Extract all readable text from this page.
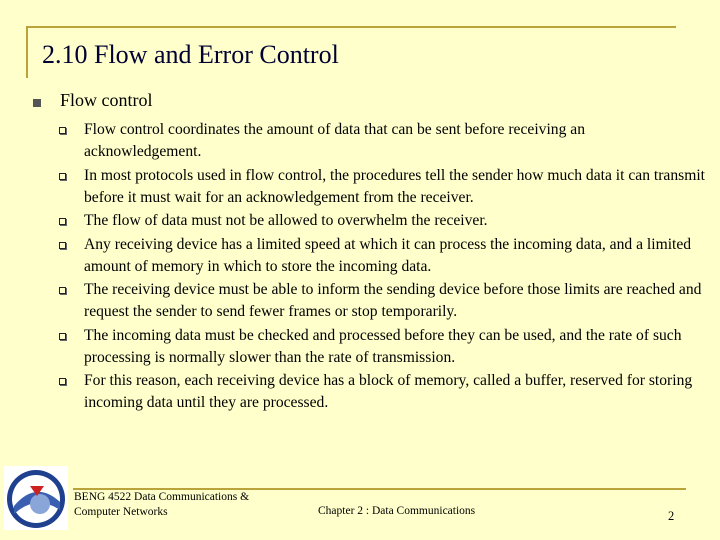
2.10 Flow and Error Control
Flow control
Flow control coordinates the amount of data that can be sent before receiving an acknowledgement.
In most protocols used in flow control, the procedures tell the sender how much data it can transmit before it must wait for an acknowledgement from the receiver.
The flow of data must not be allowed to overwhelm the receiver.
Any receiving device has a limited speed at which it can process the incoming data, and a limited amount of memory in which to store the incoming data.
The receiving device must be able to inform the sending device before those limits are reached and request the sender to send fewer frames or stop temporarily.
The incoming data must be checked and processed before they can be used, and the rate of such processing is normally slower than the rate of transmission.
For this reason, each receiving device has a block of memory, called a buffer, reserved for storing incoming data until they are processed.
BENG 4522 Data Communications &
Computer Networks	Chapter 2 : Data Communications	2
